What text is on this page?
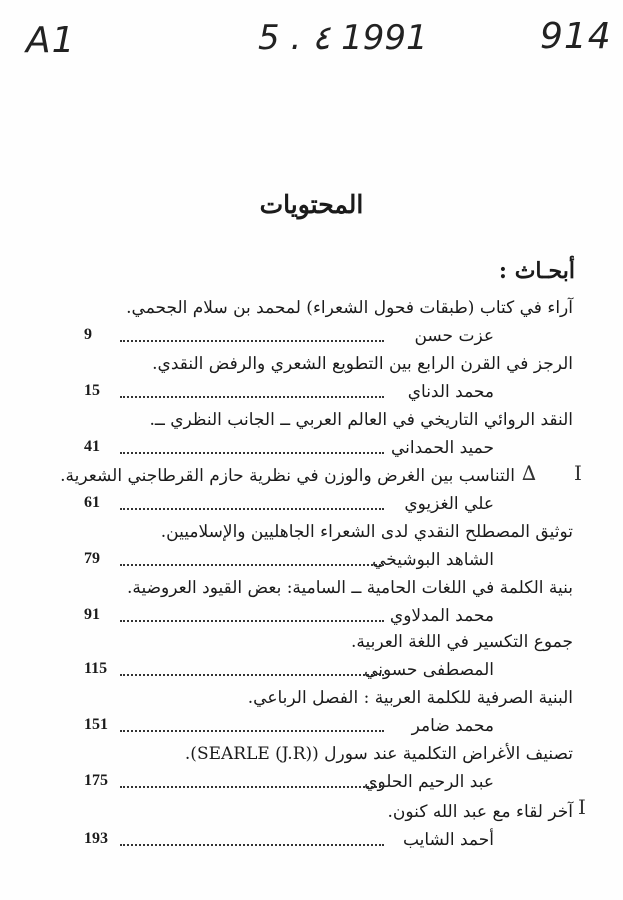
A1	5 . ٤ 1991	914
المحتويات
أبحـاث :
آراء في كتاب (طبقات فحول الشعراء) لمحمد بن سلام الجحمي.
عزت حسن
9
الرجز في القرن الرابع بين التطويع الشعري والرفض النقدي.
محمد الدناي
15
النقد الروائي التاريخي في العالم العربي ــ الجانب النظري ــ.
حميد الحمداني
41
I
∆
التناسب بين الغرض والوزن في نظرية حازم القرطاجني الشعرية.
علي الغزيوي
61
توثيق المصطلح النقدي لدى الشعراء الجاهليين والإسلاميين.
الشاهد البوشيخي
79
بنية الكلمة في اللغات الحامية ــ السامية: بعض القيود العروضية.
محمد المدلاوي
91
جموع التكسير في اللغة العربية.
المصطفى حسوني
115
البنية الصرفية للكلمة العربية : الفصل الرباعي.
محمد ضامر
151
تصنيف الأغراض التكلمية عند سورل (SEARLE (J.R)).
عبد الرحيم الحلوي
175
I
آخر لقاء مع عبد الله كنون.
أحمد الشايب
193
